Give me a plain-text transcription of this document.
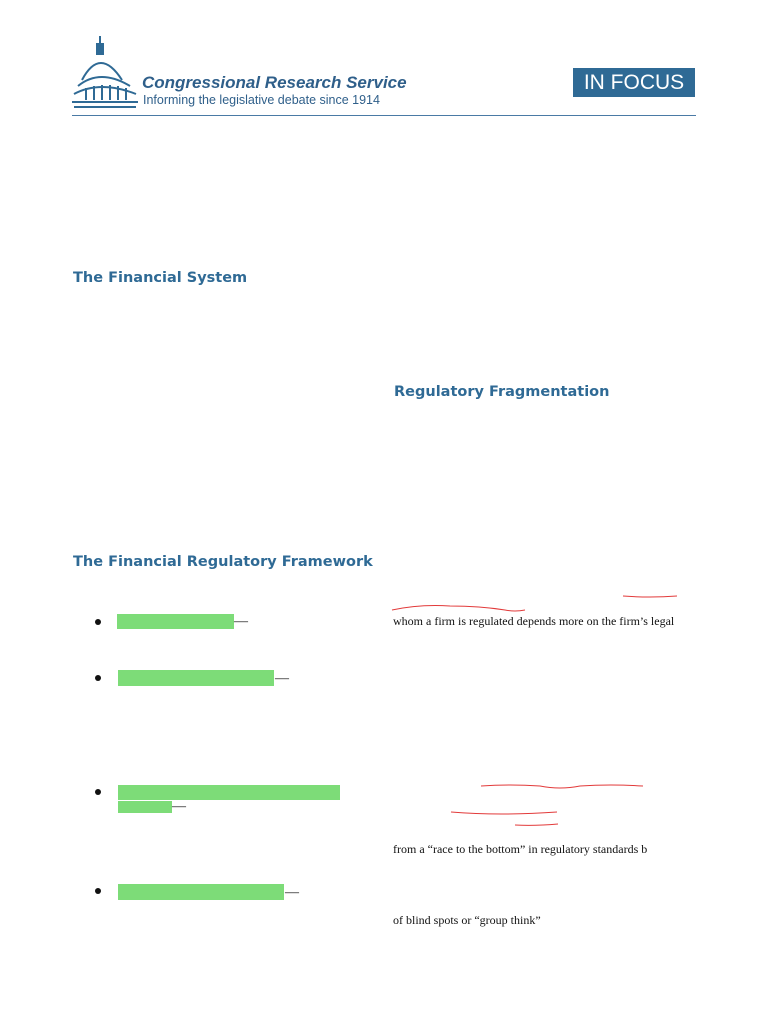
Congressional Research Service
Informing the legislative debate since 1914
IN FOCUS
The Financial System
Regulatory Fragmentation
The Financial Regulatory Framework
—
—
—
—
whom a firm is regulated depends more on the firm’s legal
from a “race to the bottom” in regulatory standards b
of blind spots or “group think”
